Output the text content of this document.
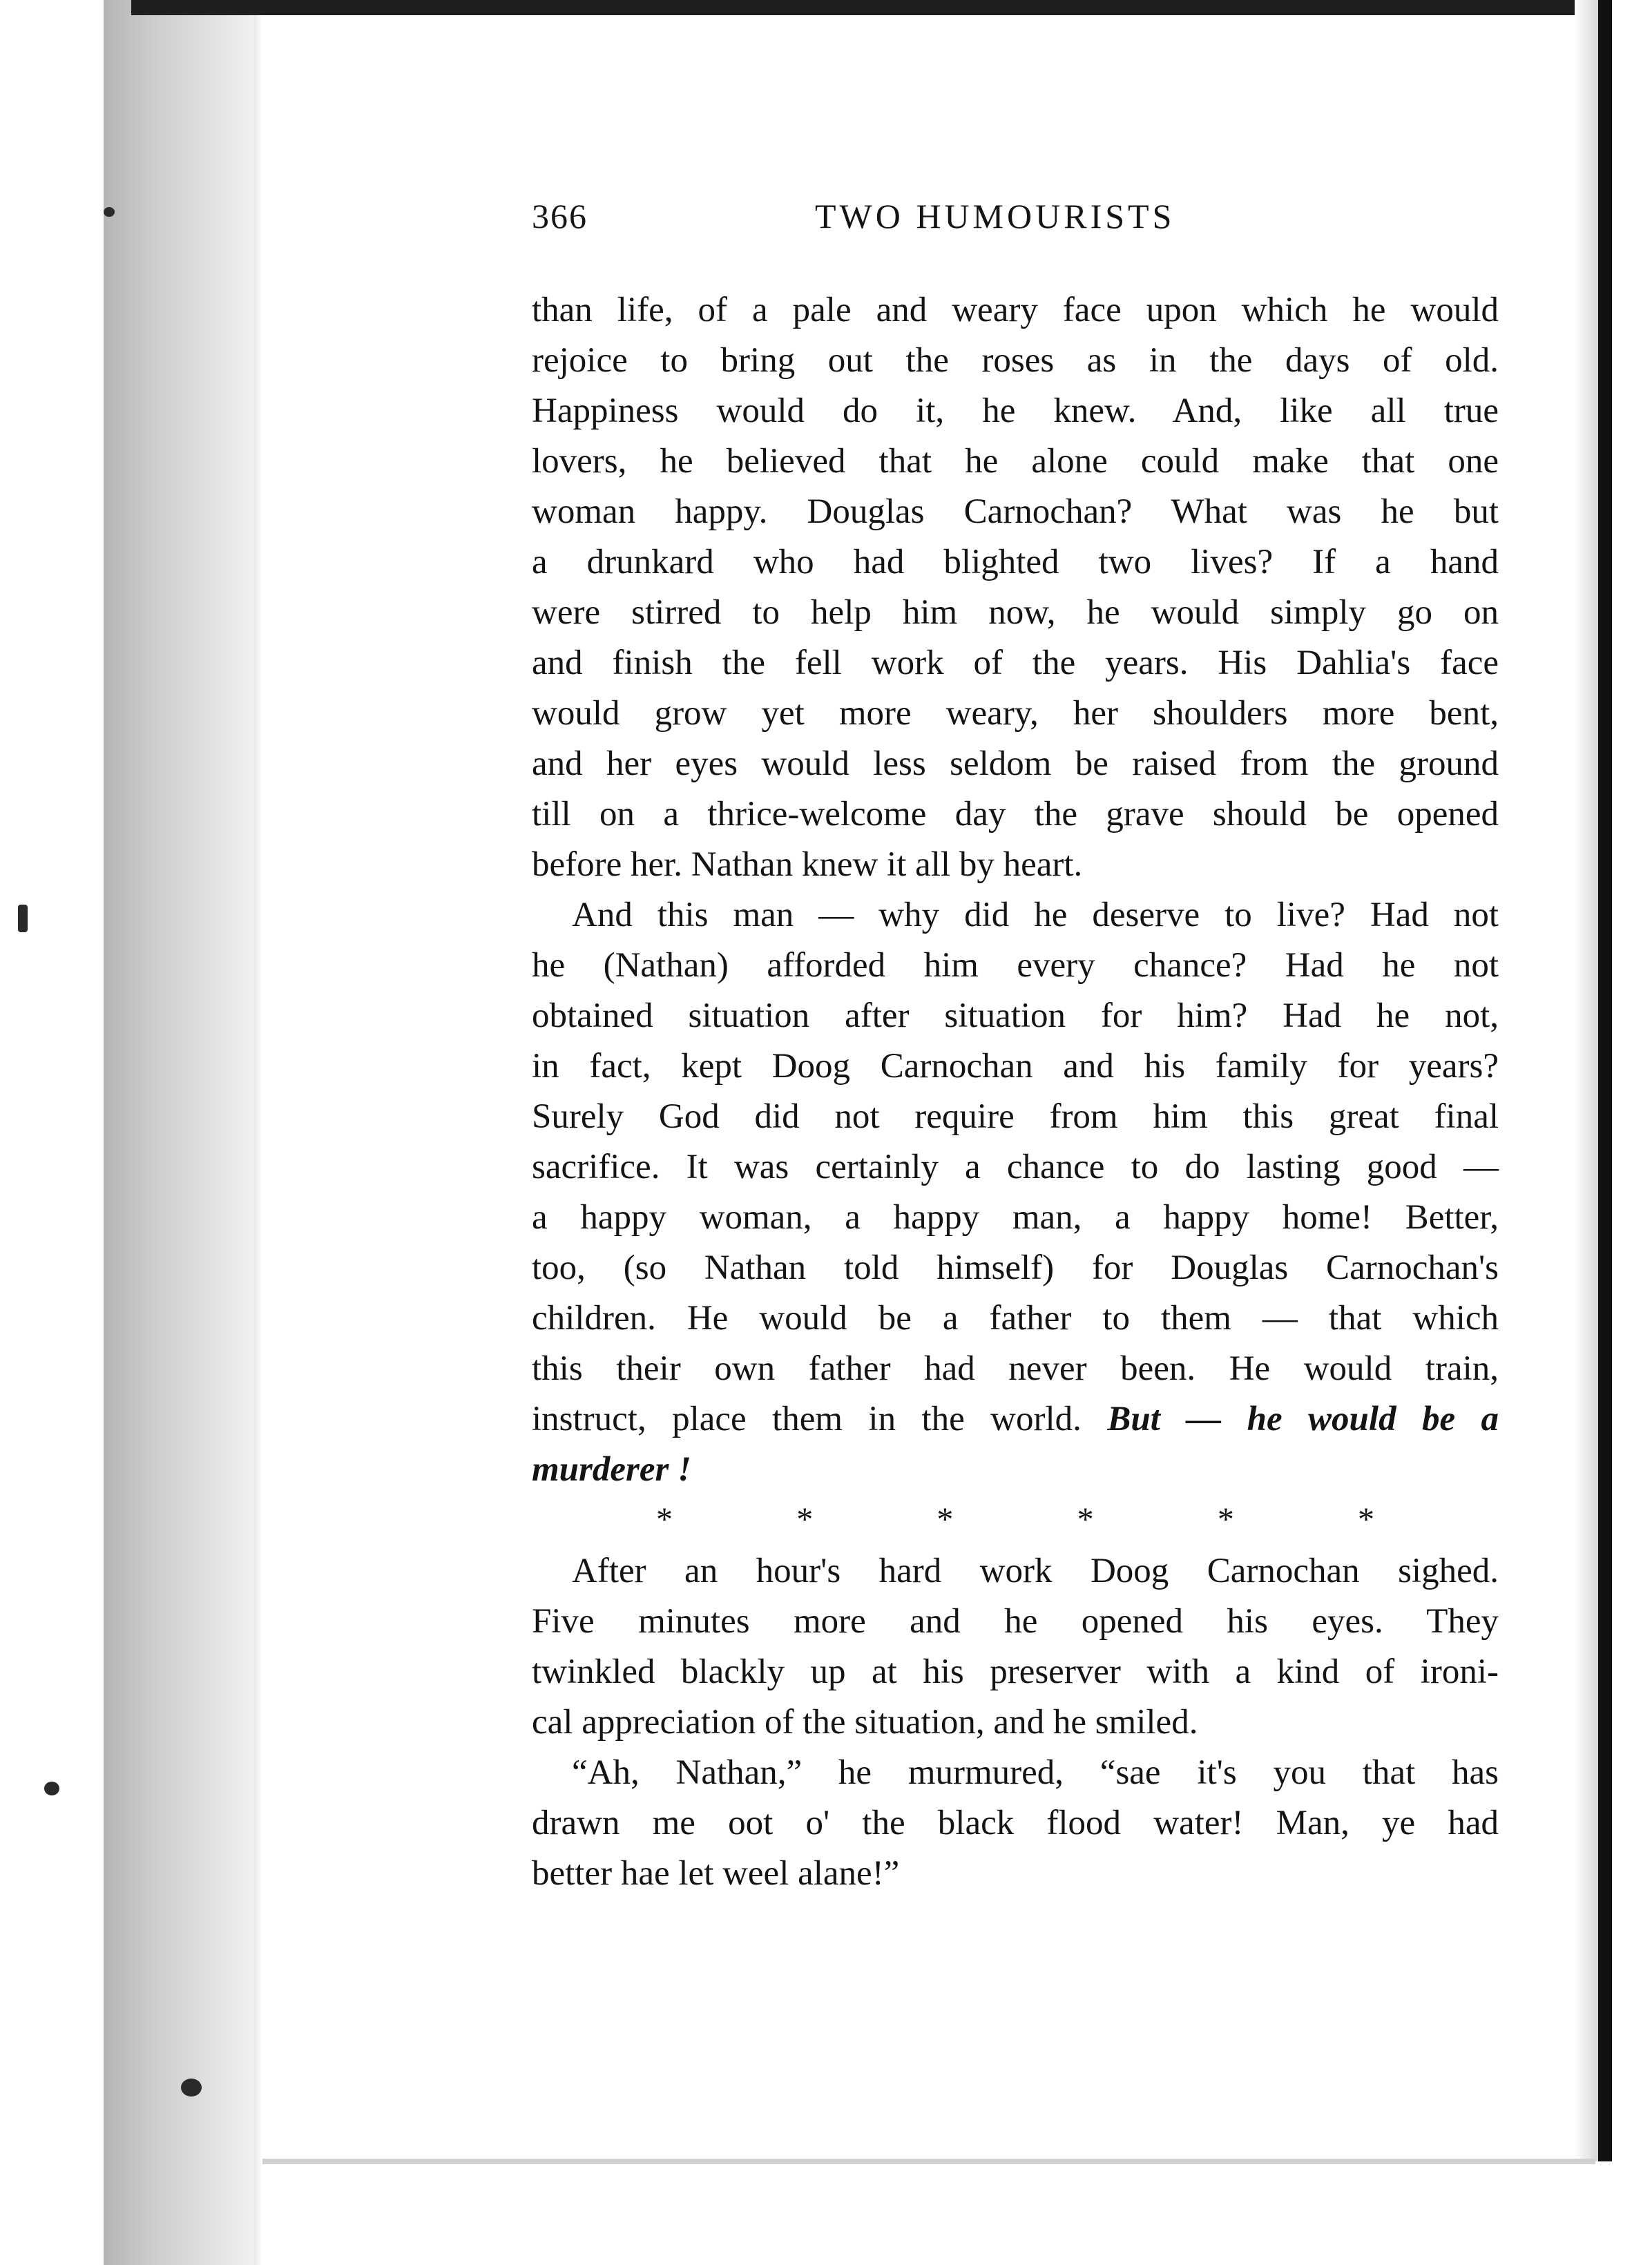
366	TWO HUMOURISTS
than life, of a pale and weary face upon which he would
rejoice to bring out the roses as in the days of old.
Happiness would do it, he knew. And, like all true
lovers, he believed that he alone could make that one
woman happy. Douglas Carnochan? What was he but
a drunkard who had blighted two lives? If a hand
were stirred to help him now, he would simply go on
and finish the fell work of the years. His Dahlia's face
would grow yet more weary, her shoulders more bent,
and her eyes would less seldom be raised from the ground
till on a thrice-welcome day the grave should be opened
before her. Nathan knew it all by heart.
And this man — why did he deserve to live? Had not
he (Nathan) afforded him every chance? Had he not
obtained situation after situation for him? Had he not,
in fact, kept Doog Carnochan and his family for years?
Surely God did not require from him this great final
sacrifice. It was certainly a chance to do lasting good —
a happy woman, a happy man, a happy home! Better,
too, (so Nathan told himself) for Douglas Carnochan's
children. He would be a father to them — that which
this their own father had never been. He would train,
instruct, place them in the world. But — he would be a
murderer !
After an hour's hard work Doog Carnochan sighed.
Five minutes more and he opened his eyes. They
twinkled blackly up at his preserver with a kind of ironi-
cal appreciation of the situation, and he smiled.
“Ah, Nathan,” he murmured, “sae it's you that has
drawn me oot o' the black flood water! Man, ye had
better hae let weel alane!”
*	*	*	*	*	*
